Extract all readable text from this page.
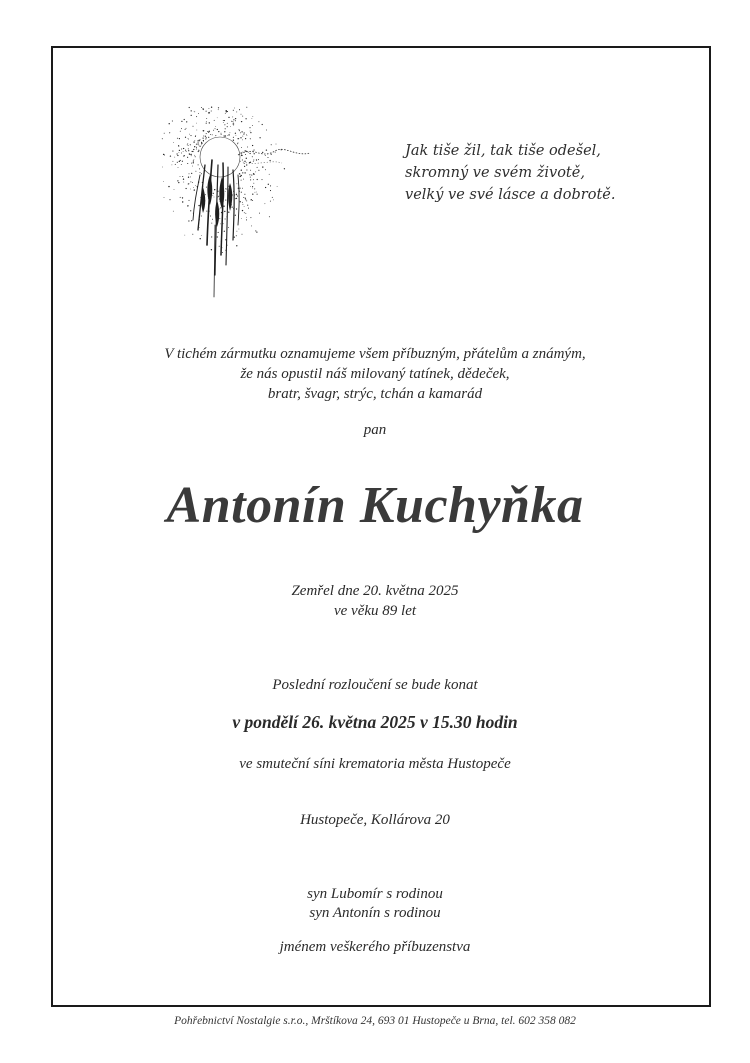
Jak tiše žil, tak tiše odešel,
skromný ve svém životě,
velký ve své lásce a dobrotě.
V tichém zármutku oznamujeme všem příbuzným, přátelům a známým,
že nás opustil náš milovaný tatínek, dědeček,
bratr, švagr, strýc, tchán a kamarád
pan
Antonín Kuchyňka
Zemřel dne 20. května 2025
ve věku 89 let
Poslední rozloučení se bude konat
v pondělí 26. května 2025 v 15.30 hodin
ve smuteční síni krematoria města Hustopeče
Hustopeče, Kollárova 20
syn Lubomír s rodinou
syn Antonín s rodinou
jménem veškerého příbuzenstva
Pohřebnictví Nostalgie s.r.o., Mrštíkova 24, 693 01 Hustopeče u Brna, tel. 602 358 082
